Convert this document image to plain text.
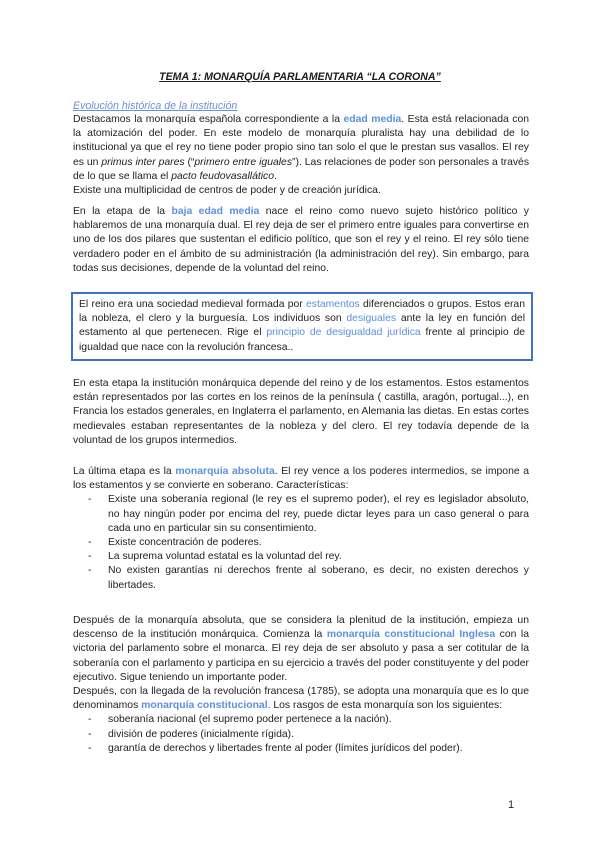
TEMA 1: MONARQUÍA PARLAMENTARIA “LA CORONA”
Evolución histórica de la institución

Destacamos la monarquía española correspondiente a la edad media. Esta está relacionada con la atomización del poder. En este modelo de monarquía pluralista hay una debilidad de lo institucional ya que el rey no tiene poder propio sino tan solo el que le prestan sus vasallos. El rey es un primus inter pares (“primero entre iguales”). Las relaciones de poder son personales a través de lo que se llama el pacto feudovasallático.

Existe una multiplicidad de centros de poder y de creación jurídica.

En la etapa de la baja edad media nace el reino como nuevo sujeto histórico político y hablaremos de una monarquía dual. El rey deja de ser el primero entre iguales para convertirse en uno de los dos pilares que sustentan el edificio político, que son el rey y el reino. El rey sólo tiene verdadero poder en el ámbito de su administración (la administración del rey). Sin embargo, para todas sus decisiones, depende de la voluntad del reino.

El reino era una sociedad medieval formada por estamentos diferenciados o grupos. Estos eran la nobleza, el clero y la burguesía. Los individuos son desiguales ante la ley en función del estamento al que pertenecen. Rige el principio de desigualdad jurídica frente al principio de igualdad que nace con la revolución francesa..
En esta etapa la institución monárquica depende del reino y de los estamentos. Estos estamentos están representados por las cortes en los reinos de la península ( castilla, aragón, portugal...), en Francia los estados generales, en Inglaterra el parlamento, en Alemania las dietas. En estas cortes medievales estaban representantes de la nobleza y del clero. El rey todavía depende de la voluntad de los grupos intermedios.

La última etapa es la monarquía absoluta. El rey vence a los poderes intermedios, se impone a los estamentos y se convierte en soberano. Características:

- Existe una soberanía regional (le rey es el supremo poder), el rey es legislador absoluto, no hay ningún poder por encima del rey, puede dictar leyes para un caso general o para cada uno en particular sin su consentimiento.
- Existe concentración de poderes.
- La suprema voluntad estatal es la voluntad del rey.
- No existen garantías ni derechos frente al soberano, es decir, no existen derechos y libertades.

Después de la monarquía absoluta, que se considera la plenitud de la institución, empieza un descenso de la institución monárquica. Comienza la monarquía constitucional Inglesa con la victoria del parlamento sobre el monarca. El rey deja de ser absoluto y pasa a ser cotitular de la soberanía con el parlamento y participa en su ejercicio a través del poder constituyente y del poder ejecutivo. Sigue teniendo un importante poder.

Después, con la llegada de la revolución francesa (1785), se adopta una monarquía que es lo que denominamos monarquía constitucional. Los rasgos de esta monarquía son los siguientes:

- soberanía nacional (el supremo poder pertenece a la nación).
- división de poderes (inicialmente rígida).
- garantía de derechos y libertades frente al poder (límites jurídicos del poder).
1
